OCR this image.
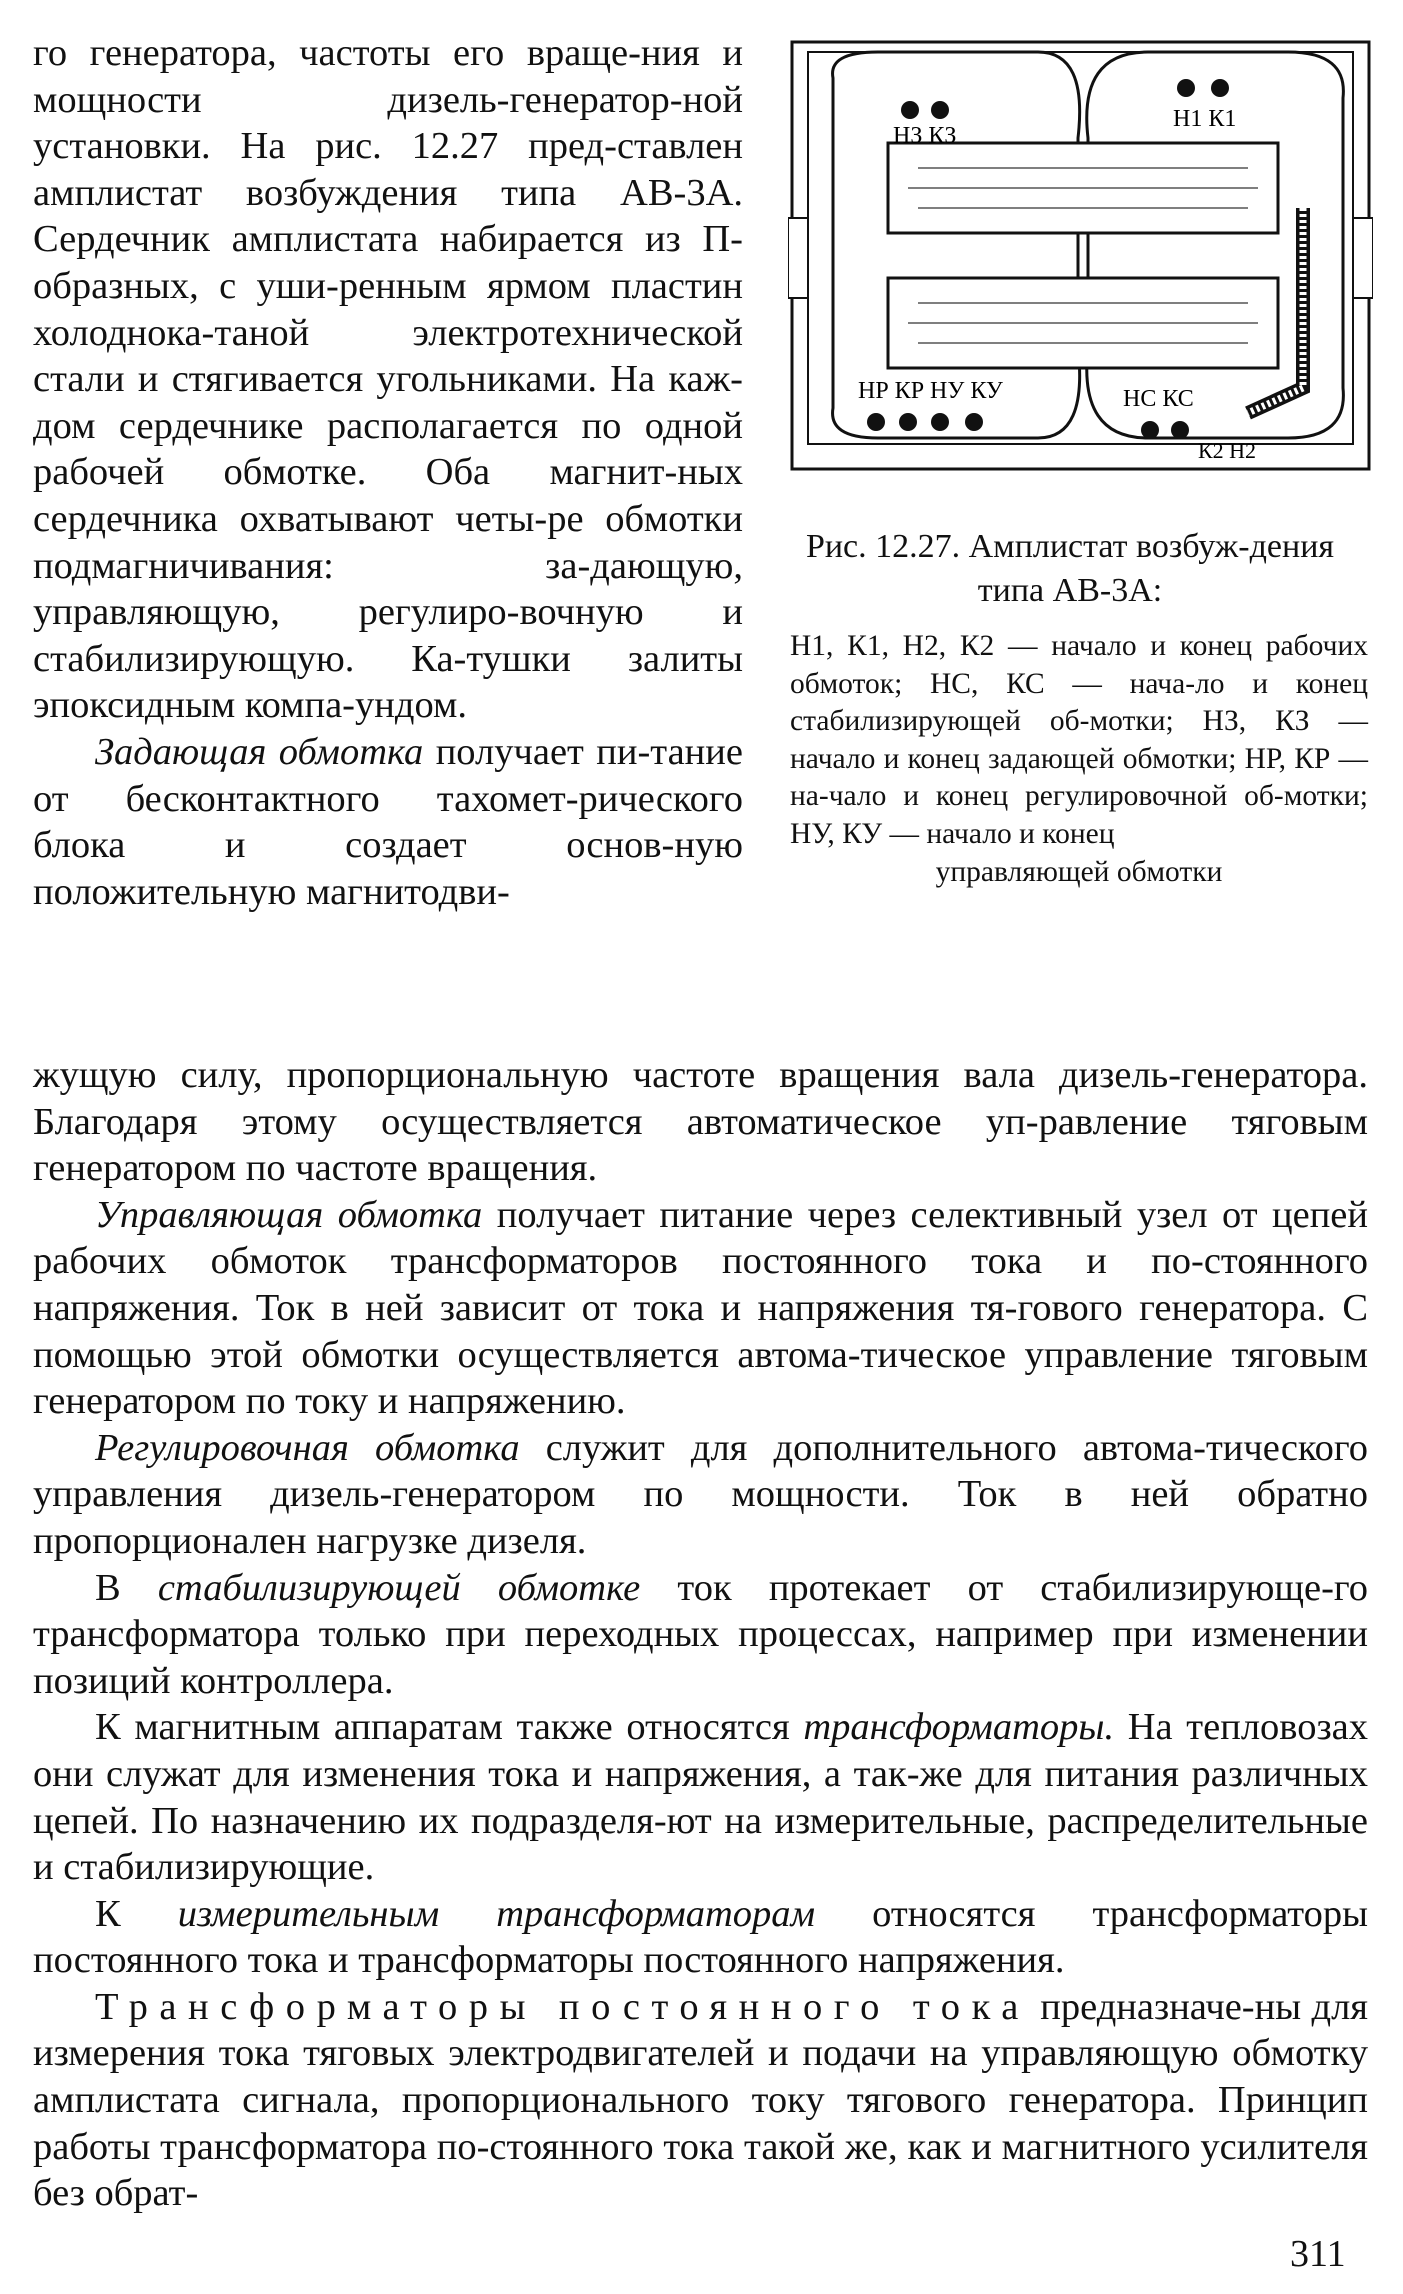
го генератора, частоты его враще-ния и мощности дизель-генератор-ной установки. На рис. 12.27 пред-ставлен амплистат возбуждения типа АВ-3А. Сердечник амплистата набирается из П-образных, с уши-ренным ярмом пластин холоднока-таной электротехнической стали и стягивается угольниками. На каж-дом сердечнике располагается по одной рабочей обмотке. Оба магнит-ных сердечника охватывают четы-ре обмотки подмагничивания: за-дающую, управляющую, регулиро-вочную и стабилизирующую. Ка-тушки залиты эпоксидным компа-ундом.

Задающая обмотка получает пи-тание от бесконтактного тахомет-рического блока и создает основ-ную положительную магнитодви-

НЗ КЗ
Н1 К1
НР КР НУ КУ	НС КС
К2 Н2
Рис. 12.27. Амплистат возбуж-дения типа АВ-3А:
Н1, К1, Н2, К2 — начало и конец рабочих обмоток; НС, КС — нача-ло и конец стабилизирующей об-мотки; НЗ, КЗ — начало и конец задающей обмотки; НР, КР — на-чало и конец регулировочной об-мотки; НУ, КУ — начало и конец
управляющей обмотки

жущую силу, пропорциональную частоте вращения вала дизель-генератора. Благодаря этому осуществляется автоматическое уп-равление тяговым генератором по частоте вращения.

Управляющая обмотка получает питание через селективный узел от цепей рабочих обмоток трансформаторов постоянного тока и по-стоянного напряжения. Ток в ней зависит от тока и напряжения тя-гового генератора. С помощью этой обмотки осуществляется автома-тическое управление тяговым генератором по току и напряжению.

Регулировочная обмотка служит для дополнительного автома-тического управления дизель-генератором по мощности. Ток в ней обратно пропорционален нагрузке дизеля.

В стабилизирующей обмотке ток протекает от стабилизирующе-го трансформатора только при переходных процессах, например при изменении позиций контроллера.

К магнитным аппаратам также относятся трансформаторы. На тепловозах они служат для изменения тока и напряжения, а так-же для питания различных цепей. По назначению их подразделя-ют на измерительные, распределительные и стабилизирующие.

К измерительным трансформаторам относятся трансформаторы постоянного тока и трансформаторы постоянного напряжения.

Трансформаторы постоянного тока предназначе-ны для измерения тока тяговых электродвигателей и подачи на управляющую обмотку амплистата сигнала, пропорционального току тягового генератора. Принцип работы трансформатора по-стоянного тока такой же, как и магнитного усилителя без обрат-

311
